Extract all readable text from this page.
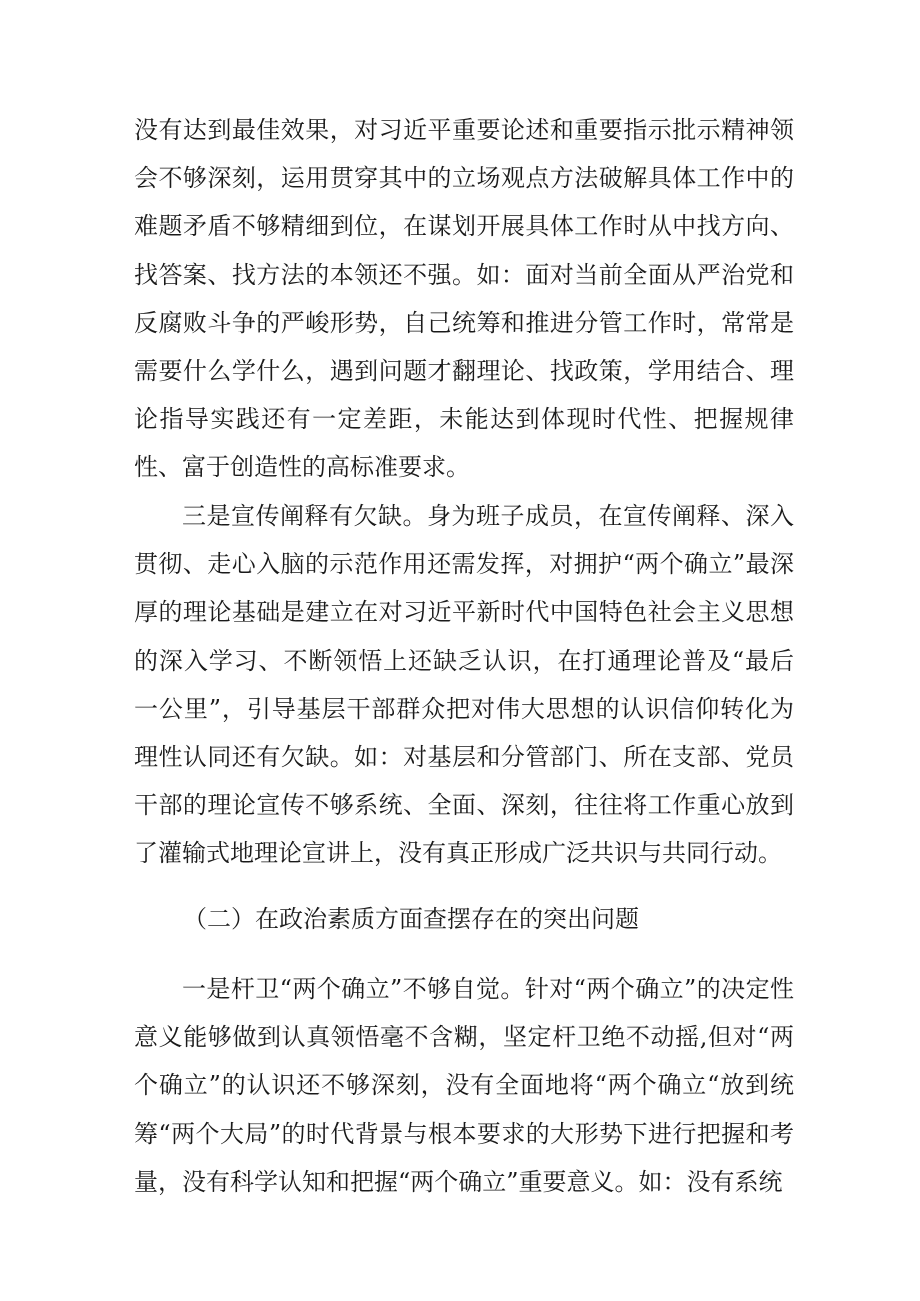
没有达到最佳效果，对习近平重要论述和重要指示批示精神领会不够深刻，运用贯穿其中的立场观点方法破解具体工作中的难题矛盾不够精细到位，在谋划开展具体工作时从中找方向、找答案、找方法的本领还不强。如：面对当前全面从严治党和反腐败斗争的严峻形势，自己统筹和推进分管工作时，常常是需要什么学什么，遇到问题才翻理论、找政策，学用结合、理论指导实践还有一定差距，未能达到体现时代性、把握规律性、富于创造性的高标准要求。

三是宣传阐释有欠缺。身为班子成员，在宣传阐释、深入贯彻、走心入脑的示范作用还需发挥，对拥护“两个确立”最深厚的理论基础是建立在对习近平新时代中国特色社会主义思想的深入学习、不断领悟上还缺乏认识，在打通理论普及“最后一公里”，引导基层干部群众把对伟大思想的认识信仰转化为理性认同还有欠缺。如：对基层和分管部门、所在支部、党员干部的理论宣传不够系统、全面、深刻，往往将工作重心放到了灌输式地理论宣讲上，没有真正形成广泛共识与共同行动。

（二）在政治素质方面查摆存在的突出问题

一是杆卫“两个确立”不够自觉。针对“两个确立”的决定性意义能够做到认真领悟毫不含糊，坚定杆卫绝不动摇,但对“两个确立”的认识还不够深刻，没有全面地将“两个确立“放到统筹“两个大局”的时代背景与根本要求的大形势下进行把握和考量，没有科学认知和把握“两个确立”重要意义。如：没有系统
